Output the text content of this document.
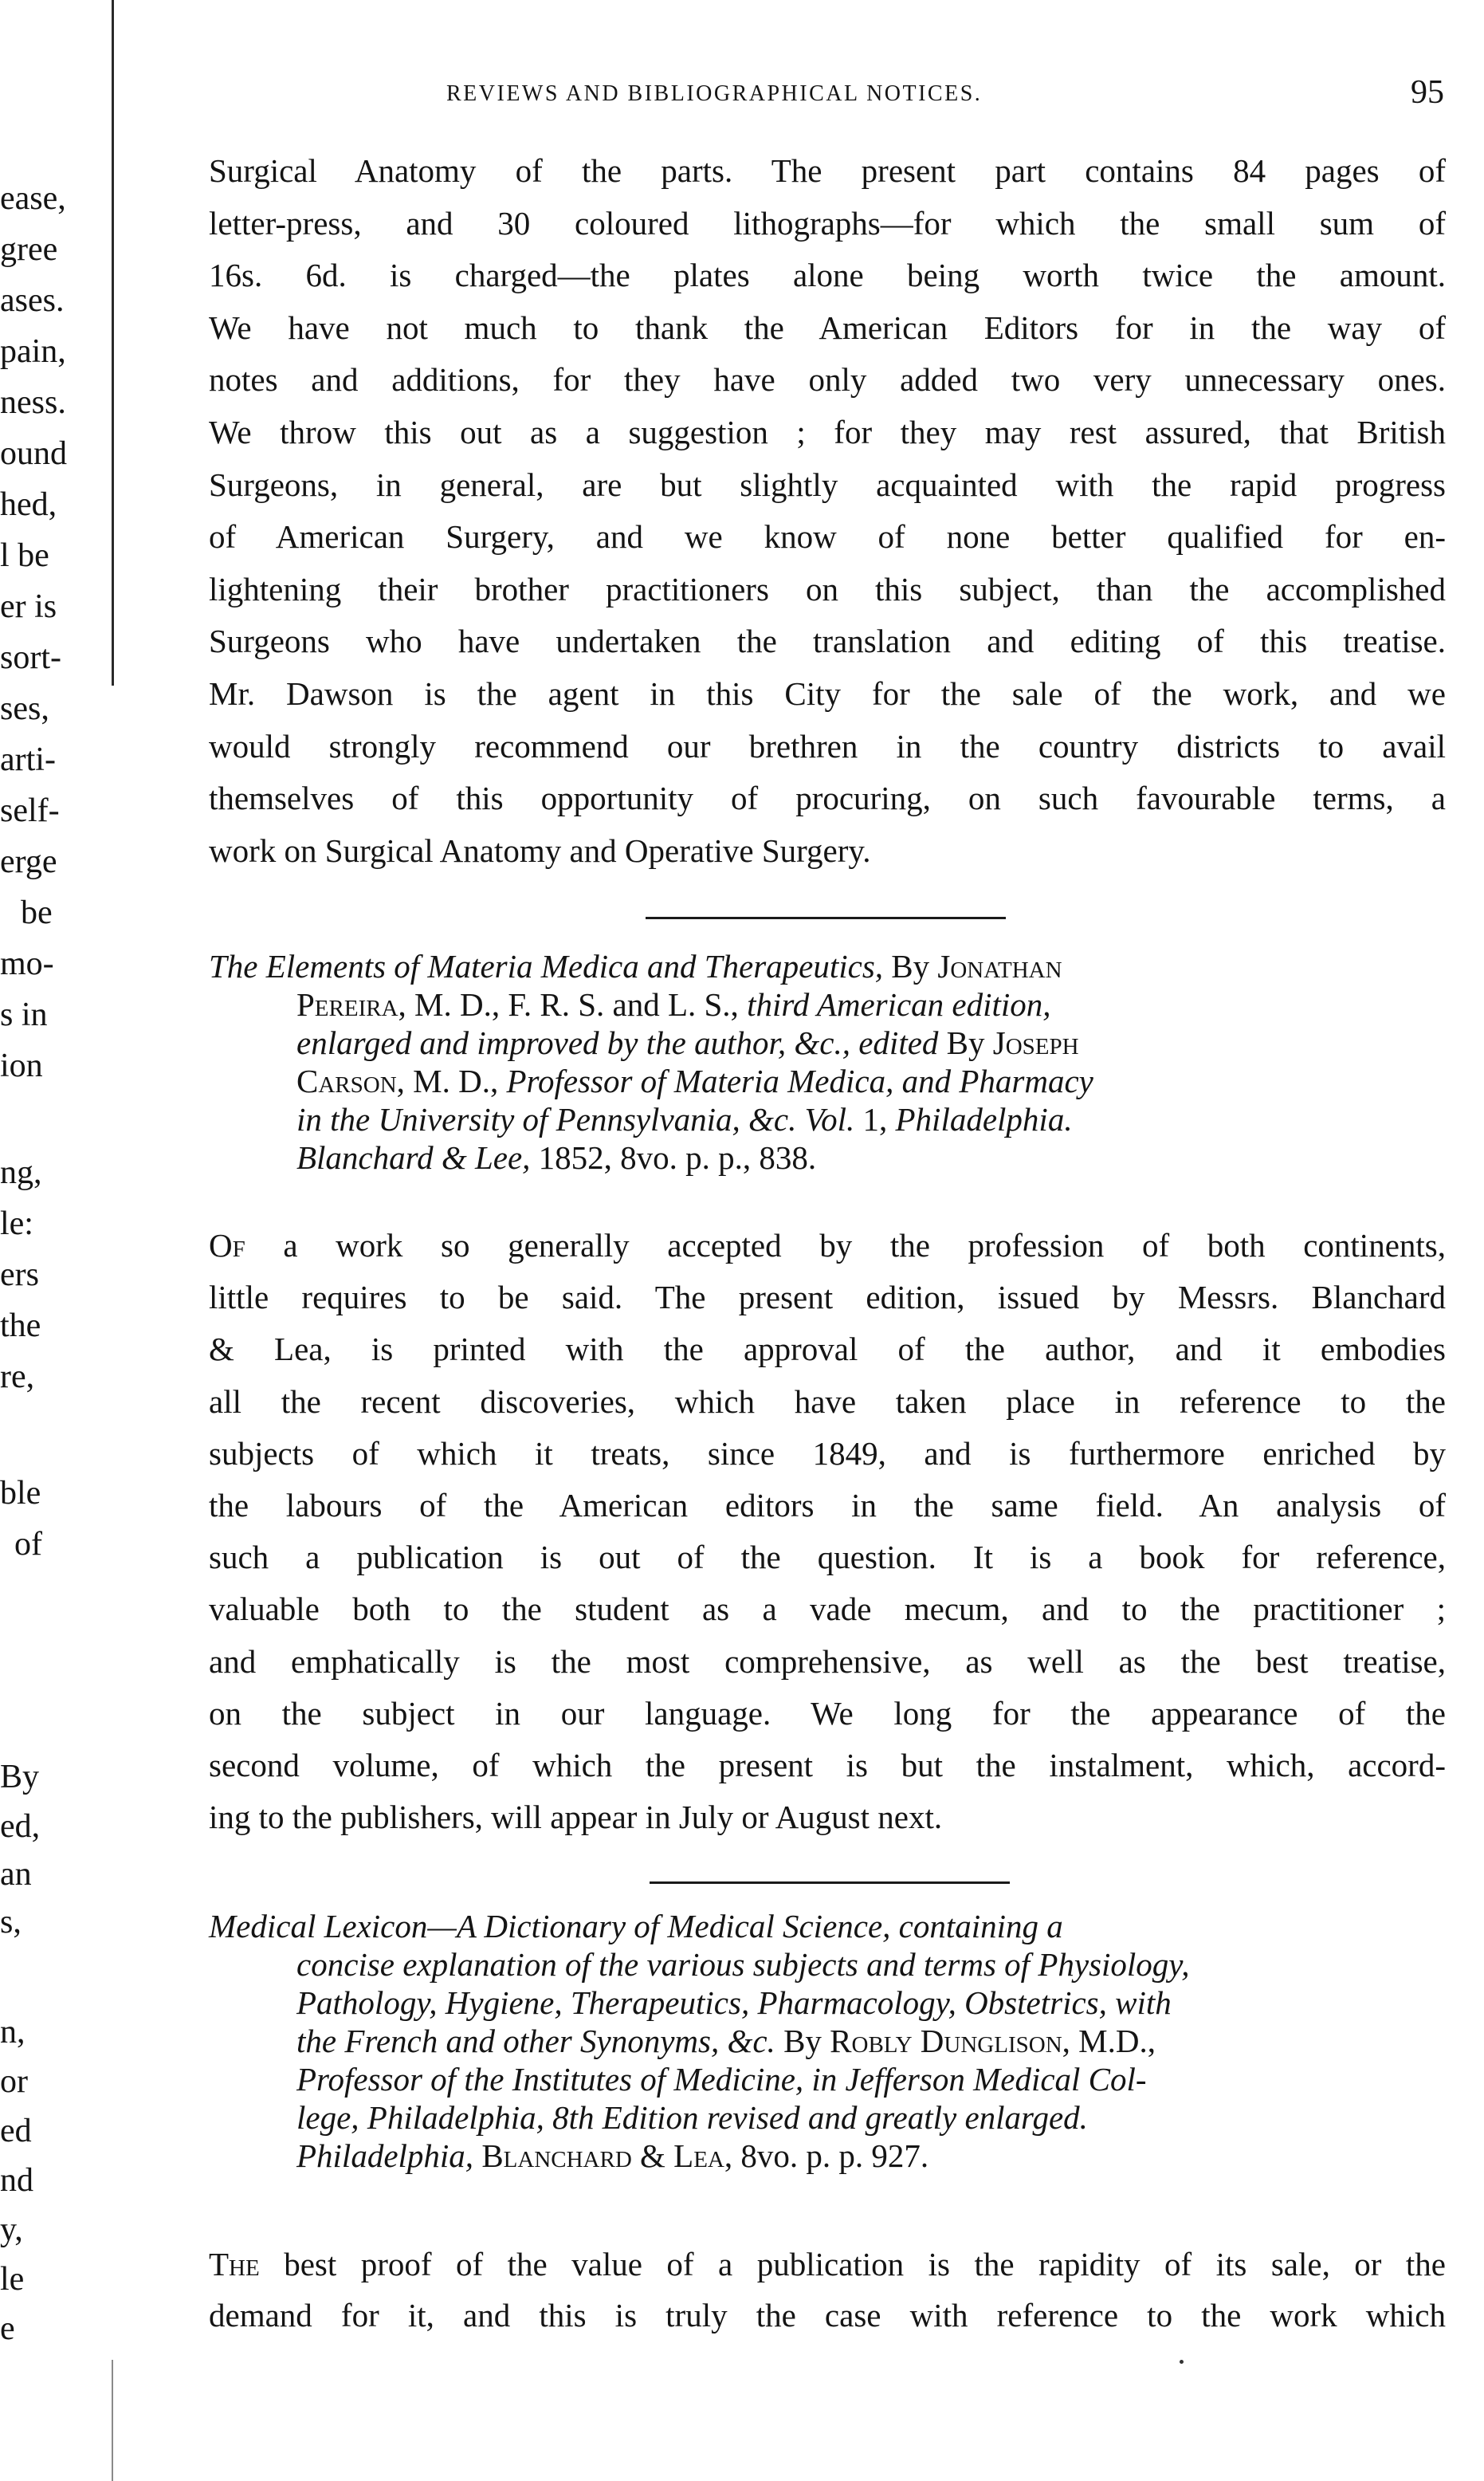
ease,
gree
ases.
pain,
ness.
ound
hed,
l be
er is
sort-
ses,
arti-
self-
erge
be
mo-
s in
ion
ng,
le:
ers
the
re,
ble
of
By
ed,
an
s,
n,
or
ed
nd
y,
le
e
REVIEWS AND BIBLIOGRAPHICAL NOTICES.	95

Surgical Anatomy of the parts. The present part contains 84 pages of
letter-press, and 30 coloured lithographs—for which the small sum of
16s. 6d. is charged—the plates alone being worth twice the amount.
We have not much to thank the American Editors for in the way of
notes and additions, for they have only added two very unnecessary ones.
We throw this out as a suggestion ; for they may rest assured, that British
Surgeons, in general, are but slightly acquainted with the rapid progress
of American Surgery, and we know of none better qualified for en-
lightening their brother practitioners on this subject, than the accomplished
Surgeons who have undertaken the translation and editing of this treatise.
Mr. Dawson is the agent in this City for the sale of the work, and we
would strongly recommend our brethren in the country districts to avail
themselves of this opportunity of procuring, on such favourable terms, a
work on Surgical Anatomy and Operative Surgery.

The Elements of Materia Medica and Therapeutics, By Jonathan
Pereira, M. D., F. R. S. and L. S., third American edition,
enlarged and improved by the author, &c., edited By Joseph
Carson, M. D., Professor of Materia Medica, and Pharmacy
in the University of Pennsylvania, &c. Vol. 1, Philadelphia.
Blanchard & Lee, 1852, 8vo. p. p., 838.

Of a work so generally accepted by the profession of both continents,
little requires to be said. The present edition, issued by Messrs. Blanchard
& Lea, is printed with the approval of the author, and it embodies
all the recent discoveries, which have taken place in reference to the
subjects of which it treats, since 1849, and is furthermore enriched by
the labours of the American editors in the same field. An analysis of
such a publication is out of the question. It is a book for reference,
valuable both to the student as a vade mecum, and to the practitioner ;
and emphatically is the most comprehensive, as well as the best treatise,
on the subject in our language. We long for the appearance of the
second volume, of which the present is but the instalment, which, accord-
ing to the publishers, will appear in July or August next.

Medical Lexicon—A Dictionary of Medical Science, containing a
concise explanation of the various subjects and terms of Physiology,
Pathology, Hygiene, Therapeutics, Pharmacology, Obstetrics, with
the French and other Synonyms, &c. By Robly Dunglison, M.D.,
Professor of the Institutes of Medicine, in Jefferson Medical Col-
lege, Philadelphia, 8th Edition revised and greatly enlarged.
Philadelphia, Blanchard & Lea, 8vo. p. p. 927.

The best proof of the value of a publication is the rapidity of its sale, or the
demand for it, and this is truly the case with reference to the work which
